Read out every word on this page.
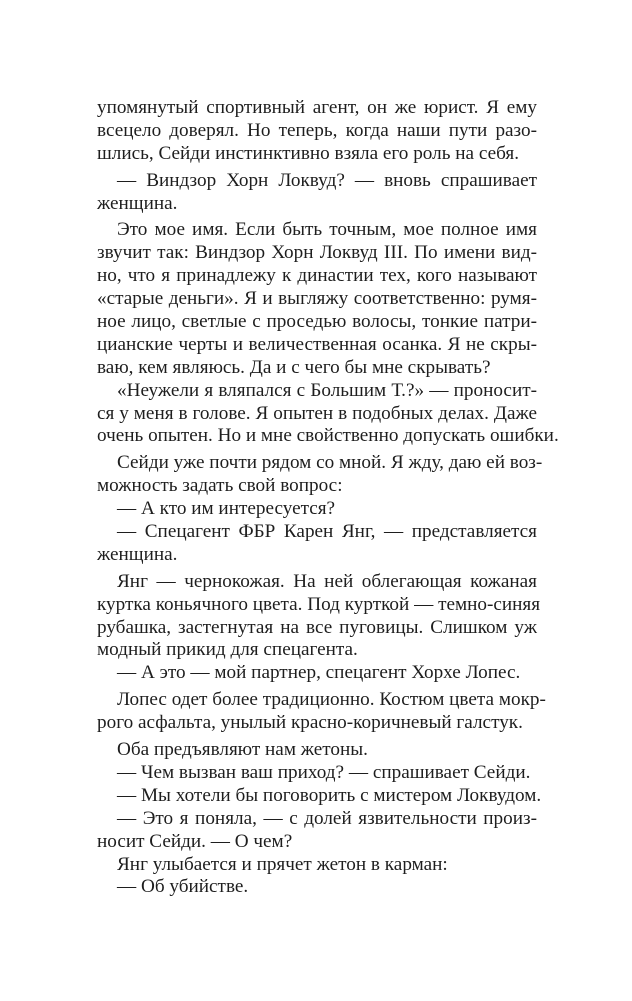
упомянутый спортивный агент, он же юрист. Я ему
всецело доверял. Но теперь, когда наши пути разо-
шлись, Сейди инстинктивно взяла его роль на себя.
— Виндзор Хорн Локвуд? — вновь спрашивает
женщина.
Это мое имя. Если быть точным, мое полное имя
звучит так: Виндзор Хорн Локвуд III. По имени вид-
но, что я принадлежу к династии тех, кого называют
«старые деньги». Я и выгляжу соответственно: румя-
ное лицо, светлые с проседью волосы, тонкие патри-
цианские черты и величественная осанка. Я не скры-
ваю, кем являюсь. Да и с чего бы мне скрывать?
«Неужели я вляпался с Большим Т.?» — проносит-
ся у меня в голове. Я опытен в подобных делах. Даже
очень опытен. Но и мне свойственно допускать ошибки.
Сейди уже почти рядом со мной. Я жду, даю ей воз-
можность задать свой вопрос:
— А кто им интересуется?
— Спецагент ФБР Карен Янг, — представляется
женщина.
Янг — чернокожая. На ней облегающая кожаная
куртка коньячного цвета. Под курткой — темно-синяя
рубашка, застегнутая на все пуговицы. Слишком уж
модный прикид для спецагента.
— А это — мой партнер, спецагент Хорхе Лопес.
Лопес одет более традиционно. Костюм цвета мокр-
рого асфальта, унылый красно-коричневый галстук.
Оба предъявляют нам жетоны.
— Чем вызван ваш приход? — спрашивает Сейди.
— Мы хотели бы поговорить с мистером Локвудом.
— Это я поняла, — с долей язвительности произ-
носит Сейди. — О чем?
Янг улыбается и прячет жетон в карман:
— Об убийстве.
